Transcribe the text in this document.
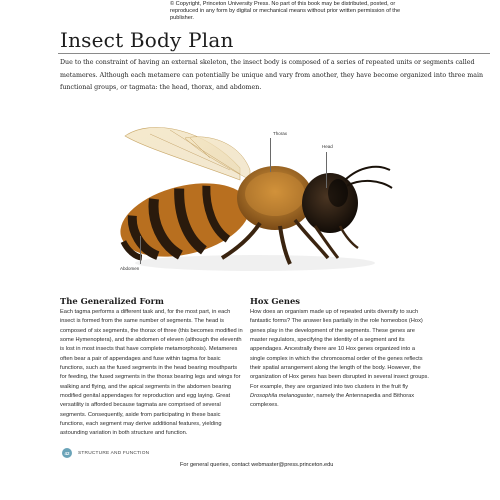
© Copyright, Princeton University Press. No part of this book may be distributed, posted, or reproduced in any form by digital or mechanical means without prior written permission of the publisher.
Insect Body Plan

Due to the constraint of having an external skeleton, the insect body is composed of a series of repeated units or segments called metameres. Although each metamere can potentially be unique and vary from another, they have become organized into three main functional groups, or tagmata: the head, thorax, and abdomen.

Thorax
Head
Abdomen
The Generalized Form

Each tagma performs a different task and, for the most part, in each insect is formed from the same number of segments. The head is composed of six segments, the thorax of three (this becomes modified in some Hymenoptera), and the abdomen of eleven (although the eleventh is lost in most insects that have complete metamorphosis). Metameres often bear a pair of appendages and fuse within tagma for basic functions, such as the fused segments in the head bearing mouthparts for feeding, the fused segments in the thorax bearing legs and wings for walking and flying, and the apical segments in the abdomen bearing modified genital appendages for reproduction and egg laying. Great versatility is afforded because tagmata are comprised of several segments. Consequently, aside from participating in these basic functions, each segment may derive additional features, yielding astounding variation in both structure and function.

Hox Genes

How does an organism made up of repeated units diversify to such fantastic forms? The answer lies partially in the role homeobox (Hox) genes play in the development of the segments. These genes are master regulators, specifying the identity of a segment and its appendages. Ancestrally there are 10 Hox genes organized into a single complex in which the chromosomal order of the genes reflects their spatial arrangement along the length of the body. However, the organization of Hox genes has been disrupted in several insect groups. For example, they are organized into two clusters in the fruit fly Drosophila melanogaster, namely the Antennapedia and Bithorax complexes.

42	STRUCTURE AND FUNCTION
For general queries, contact webmaster@press.princeton.edu
